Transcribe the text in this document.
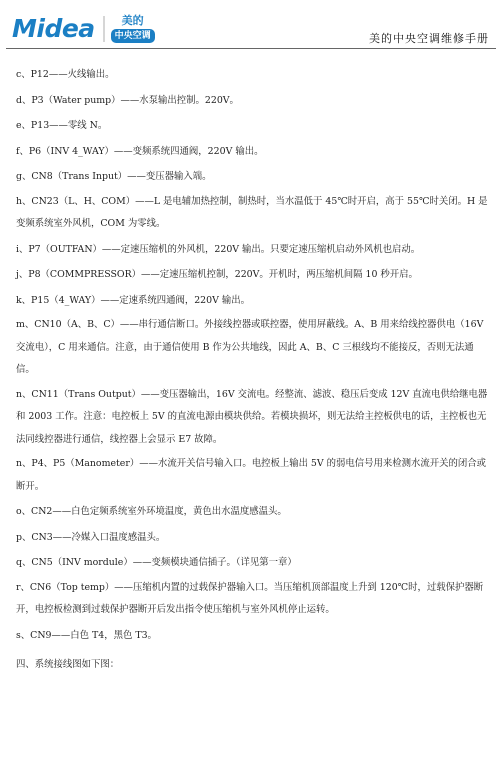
Midea	美的
中央空调	美的中央空调维修手册
c、P12——火线输出。
d、P3（Water pump）——水泵输出控制。220V。
e、P13——零线 N。
f、P6（INV 4_WAY）——变频系统四通阀，220V 输出。
g、CN8（Trans Input）——变压器输入端。
h、CN23（L、H、COM）——L 是电辅加热控制，制热时，当水温低于 45℃时开启，高于 55℃时关闭。H 是变频系统室外风机，COM 为零线。
i、P7（OUTFAN）——定速压缩机的外风机，220V 输出。只要定速压缩机启动外风机也启动。
j、P8（COMMPRESSOR）——定速压缩机控制，220V。开机时，两压缩机间隔 10 秒开启。
k、P15（4_WAY）——定速系统四通阀，220V 输出。
m、CN10（A、B、C）——串行通信断口。外接线控器或联控器，使用屏蔽线。A、B 用来给线控器供电（16V 交流电），C 用来通信。注意，由于通信使用 B 作为公共地线，因此 A、B、C 三根线均不能接反，否则无法通信。
n、CN11（Trans Output）——变压器输出，16V 交流电。经整流、滤波、稳压后变成 12V 直流电供给继电器和 2003 工作。注意：电控板上 5V 的直流电源由模块供给。若模块损坏，则无法给主控板供电的话，主控板也无法同线控器进行通信，线控器上会显示 E7 故障。
n、P4、P5（Manometer）——水流开关信号输入口。电控板上输出 5V 的弱电信号用来检测水流开关的闭合或断开。
o、CN2——白色定频系统室外环境温度，黄色出水温度感温头。
p、CN3——冷媒入口温度感温头。
q、CN5（INV mordule）——变频模块通信插子。（详见第一章）
r、CN6（Top temp）——压缩机内置的过载保护器输入口。当压缩机顶部温度上升到 120℃时，过载保护器断开，电控板检测到过载保护器断开后发出指令使压缩机与室外风机停止运转。
s、CN9——白色 T4，黑色 T3。
四、系统接线图如下图：
